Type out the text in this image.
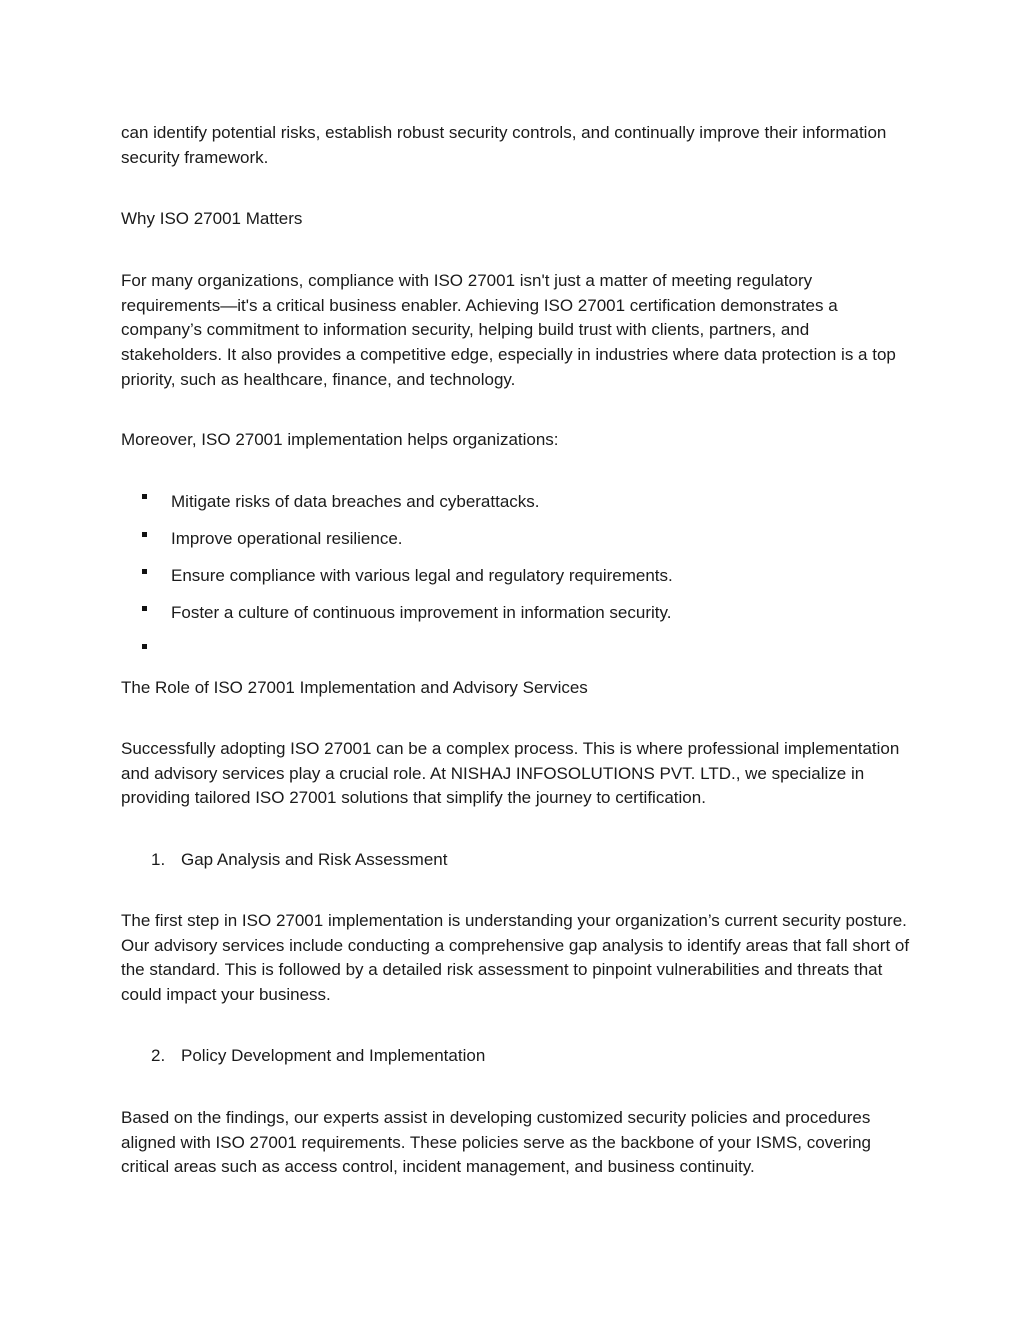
can identify potential risks, establish robust security controls, and continually improve their information security framework.

Why ISO 27001 Matters

For many organizations, compliance with ISO 27001 isn't just a matter of meeting regulatory requirements—it's a critical business enabler. Achieving ISO 27001 certification demonstrates a company’s commitment to information security, helping build trust with clients, partners, and stakeholders. It also provides a competitive edge, especially in industries where data protection is a top priority, such as healthcare, finance, and technology.

Moreover, ISO 27001 implementation helps organizations:

Mitigate risks of data breaches and cyberattacks.

Improve operational resilience.

Ensure compliance with various legal and regulatory requirements.

Foster a culture of continuous improvement in information security.

The Role of ISO 27001 Implementation and Advisory Services

Successfully adopting ISO 27001 can be a complex process. This is where professional implementation and advisory services play a crucial role. At NISHAJ INFOSOLUTIONS PVT. LTD., we specialize in providing tailored ISO 27001 solutions that simplify the journey to certification.

1. Gap Analysis and Risk Assessment

The first step in ISO 27001 implementation is understanding your organization’s current security posture. Our advisory services include conducting a comprehensive gap analysis to identify areas that fall short of the standard. This is followed by a detailed risk assessment to pinpoint vulnerabilities and threats that could impact your business.

2. Policy Development and Implementation

Based on the findings, our experts assist in developing customized security policies and procedures aligned with ISO 27001 requirements. These policies serve as the backbone of your ISMS, covering critical areas such as access control, incident management, and business continuity.
